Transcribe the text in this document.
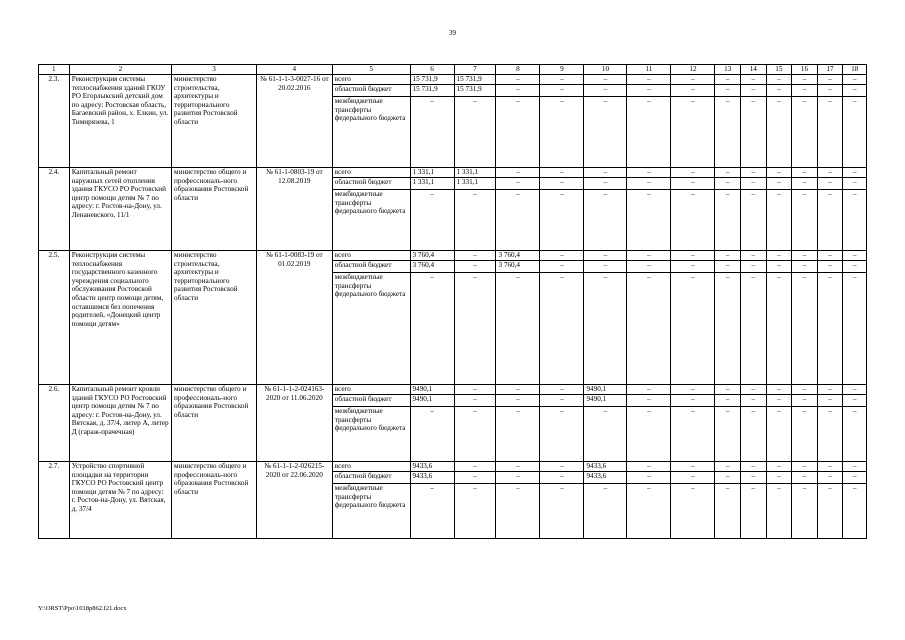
39
1	2	3	4	5	6	7	8	9	10	11	12	13	14	15	16	17	18
2.3.	Реконструкция системы теплоснабжения зданий ГКОУ РО Егорлыкский детский дом по адресу: Ростовская область, Багаевский район, х. Елкин, ул. Тимирязева, 1	министерство строительства, архитектуры и территориального развития Ростовской области	№ 61-1-1-3-0027-16 от 20.02.2016	всего	15 731,9	15 731,9	–	–	–	–	–	–	–	–	–	–	–
				областной бюджет	15 731,9	15 731,9	–	–	–	–	–	–	–	–	–	–	–
				межбюджетные трансферты федерального бюджета	–	–	–	–	–	–	–	–	–	–	–	–	–
2.4.	Капитальный ремонт наружных сетей отопления здания ГКУСО РО Ростовский центр помощи детям № 7 по адресу: г. Ростов-на-Дону, ул. Ленаневского, 11/1	министерство общего и профессиональ-ного образования Ростовской области	№ 61-1-0803-19 от 12.08.2019	всего	1 331,1	1 331,1	–	–	–	–	–	–	–	–	–	–	–
				областной бюджет	1 331,1	1 331,1	–	–	–	–	–	–	–	–	–	–	–
				межбюджетные трансферты федерального бюджета	–	–	–	–	–	–	–	–	–	–	–	–	–
2.5.	Реконструкция системы теплоснабжения государственного казенного учреждения социального обслуживания Ростовской области центр помощи детям, оставшимся без попечения родителей, «Донецкий центр помощи детям»	министерство строительства, архитектуры и территориального развития Ростовской области	№ 61-1-0083-19 от 01.02.2019	всего	3 760,4	–	3 760,4	–	–	–	–	–	–	–	–	–	–
				областной бюджет	3 760,4	–	3 760,4	–	–	–	–	–	–	–	–	–	–
				межбюджетные трансферты федерального бюджета	–	–	–	–	–	–	–	–	–	–	–	–	–
2.6.	Капитальный ремонт кровли зданий ГКУСО РО Ростовский центр помощи детям № 7 по адресу: г. Ростов-на-Дону, ул. Вятская, д. 37/4, литер А, литер Д (гараж-прачечная)	министерство общего и профессиональ-ного образования Ростовской области	№ 61-1-1-2-024163-2020 от 11.06.2020	всего	9490,1	–	–	–	9490,1	–	–	–	–	–	–	–	–
				областной бюджет	9490,1	–	–	–	9490,1	–	–	–	–	–	–	–	–
				межбюджетные трансферты федерального бюджета	–	–	–	–	–	–	–	–	–	–	–	–	–
2.7.	Устройство спортивной площадки на территории ГКУСО РО Ростовский центр помощи детям № 7 по адресу: г. Ростов-на-Дону, ул. Вятская, д. 37/4	министерство общего и профессиональ-ного образования Ростовской области	№ 61-1-1-2-026215-2020 от 22.06.2020	всего	9433,6	–	–	–	9433,6	–	–	–	–	–	–	–	–
				областной бюджет	9433,6	–	–	–	9433,6	–	–	–	–	–	–	–	–
				межбюджетные трансферты федерального бюджета	–	–	–	–	–	–	–	–	–	–	–	–	–
Y:\ORST\Ppo\1018p862.f21.docx
